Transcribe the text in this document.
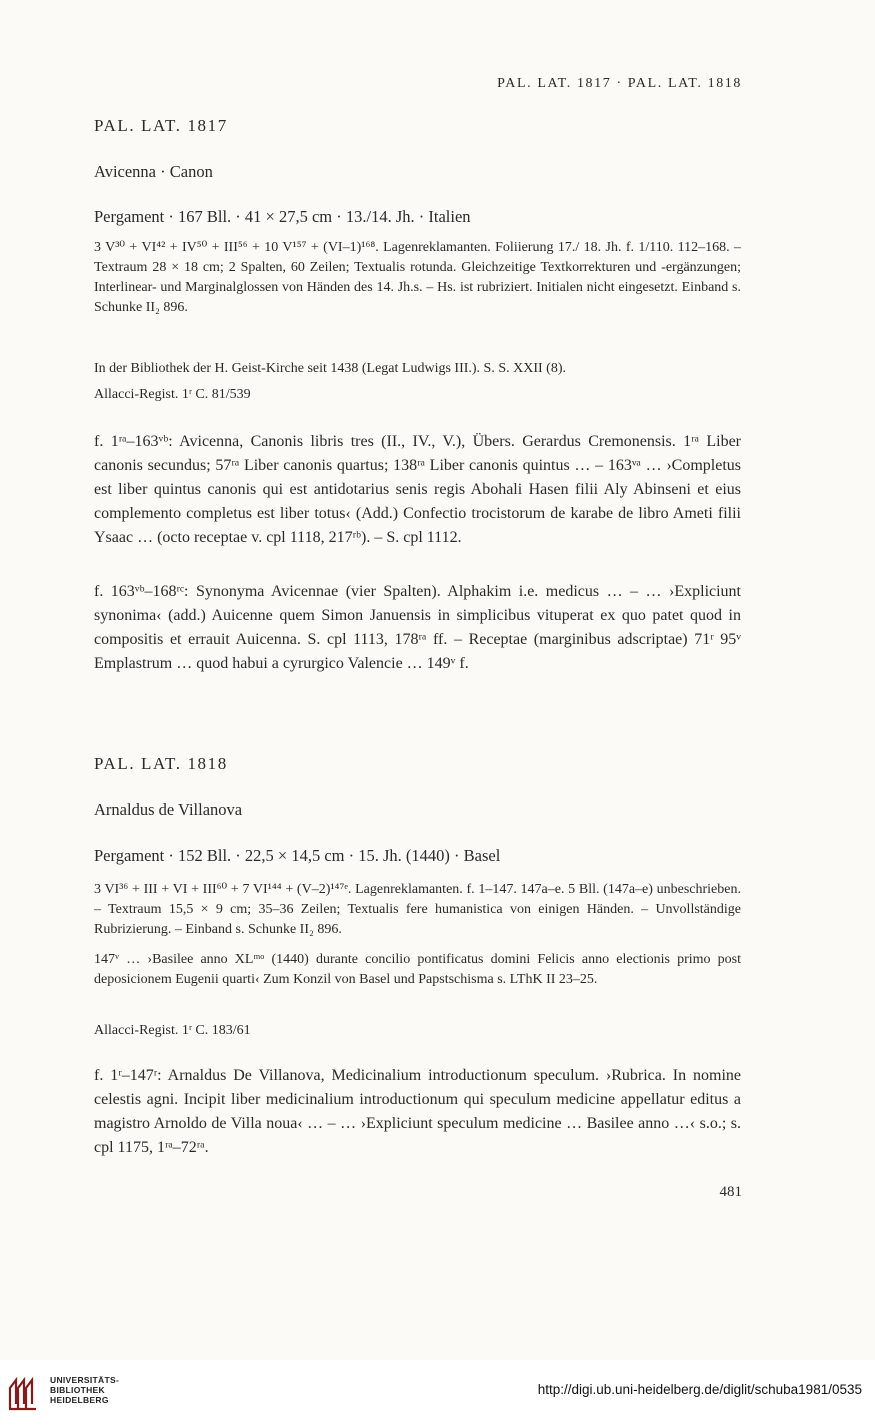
PAL. LAT. 1817 · PAL. LAT. 1818
PAL. LAT. 1817
Avicenna · Canon
Pergament · 167 Bll. · 41 × 27,5 cm · 13./14. Jh. · Italien
3 V³⁰ + VI⁴² + IV⁵⁰ + III⁵⁶ + 10 V¹⁵⁷ + (VI–1)¹⁶⁸. Lagenreklamanten. Foliierung 17./ 18. Jh. f. 1/110. 112–168. – Textraum 28 × 18 cm; 2 Spalten, 60 Zeilen; Textualis rotunda. Gleichzeitige Textkorrekturen und -ergänzungen; Interlinear- und Marginalglossen von Händen des 14. Jh.s. – Hs. ist rubriziert. Initialen nicht eingesetzt. Einband s. Schunke II₂ 896.
In der Bibliothek der H. Geist-Kirche seit 1438 (Legat Ludwigs III.). S. S. XXII (8).
Allacci-Regist. 1ʳ C. 81/539
f. 1ʳᵃ–163ᵛᵇ: Avicenna, Canonis libris tres (II., IV., V.), Übers. Gerardus Cremonensis. 1ʳᵃ Liber canonis secundus; 57ʳᵃ Liber canonis quartus; 138ʳᵃ Liber canonis quintus … – 163ᵛᵃ … ›Completus est liber quintus canonis qui est antidotarius senis regis Abohali Hasen filii Aly Abinseni et eius complemento completus est liber totus‹ (Add.) Confectio trocistorum de karabe de libro Ameti filii Ysaac … (octo receptae v. cpl 1118, 217ʳᵇ). – S. cpl 1112.
f. 163ᵛᵇ–168ʳᶜ: Synonyma Avicennae (vier Spalten). Alphakim i.e. medicus … – … ›Expliciunt synonima‹ (add.) Auicenne quem Simon Januensis in simplicibus vituperat ex quo patet quod in compositis et errauit Auicenna. S. cpl 1113, 178ʳᵃ ff. – Receptae (marginibus adscriptae) 71ʳ 95ᵛ Emplastrum … quod habui a cyrurgico Valencie … 149ᵛ f.
PAL. LAT. 1818
Arnaldus de Villanova
Pergament · 152 Bll. · 22,5 × 14,5 cm · 15. Jh. (1440) · Basel
3 VI³⁶ + III + VI + III⁶⁰ + 7 VI¹⁴⁴ + (V–2)¹⁴⁷ᵉ. Lagenreklamanten. f. 1–147. 147a–e. 5 Bll. (147a–e) unbeschrieben. – Textraum 15,5 × 9 cm; 35–36 Zeilen; Textualis fere humanistica von einigen Händen. – Unvollständige Rubrizierung. – Einband s. Schunke II₂ 896.
147ᵛ … ›Basilee anno XLᵐᵒ (1440) durante concilio pontificatus domini Felicis anno electionis primo post deposicionem Eugenii quarti‹ Zum Konzil von Basel und Papstschisma s. LThK II 23–25.
Allacci-Regist. 1ʳ C. 183/61
f. 1ʳ–147ʳ: Arnaldus De Villanova, Medicinalium introductionum speculum. ›Rubrica. In nomine celestis agni. Incipit liber medicinalium introductionum qui speculum medicine appellatur editus a magistro Arnoldo de Villa noua‹ … – … ›Expliciunt speculum medicine … Basilee anno …‹ s.o.; s. cpl 1175, 1ʳᵃ–72ʳᵃ.
481
UNIVERSITÄTS-
BIBLIOTHEK
HEIDELBERG
http://digi.ub.uni-heidelberg.de/diglit/schuba1981/0535
